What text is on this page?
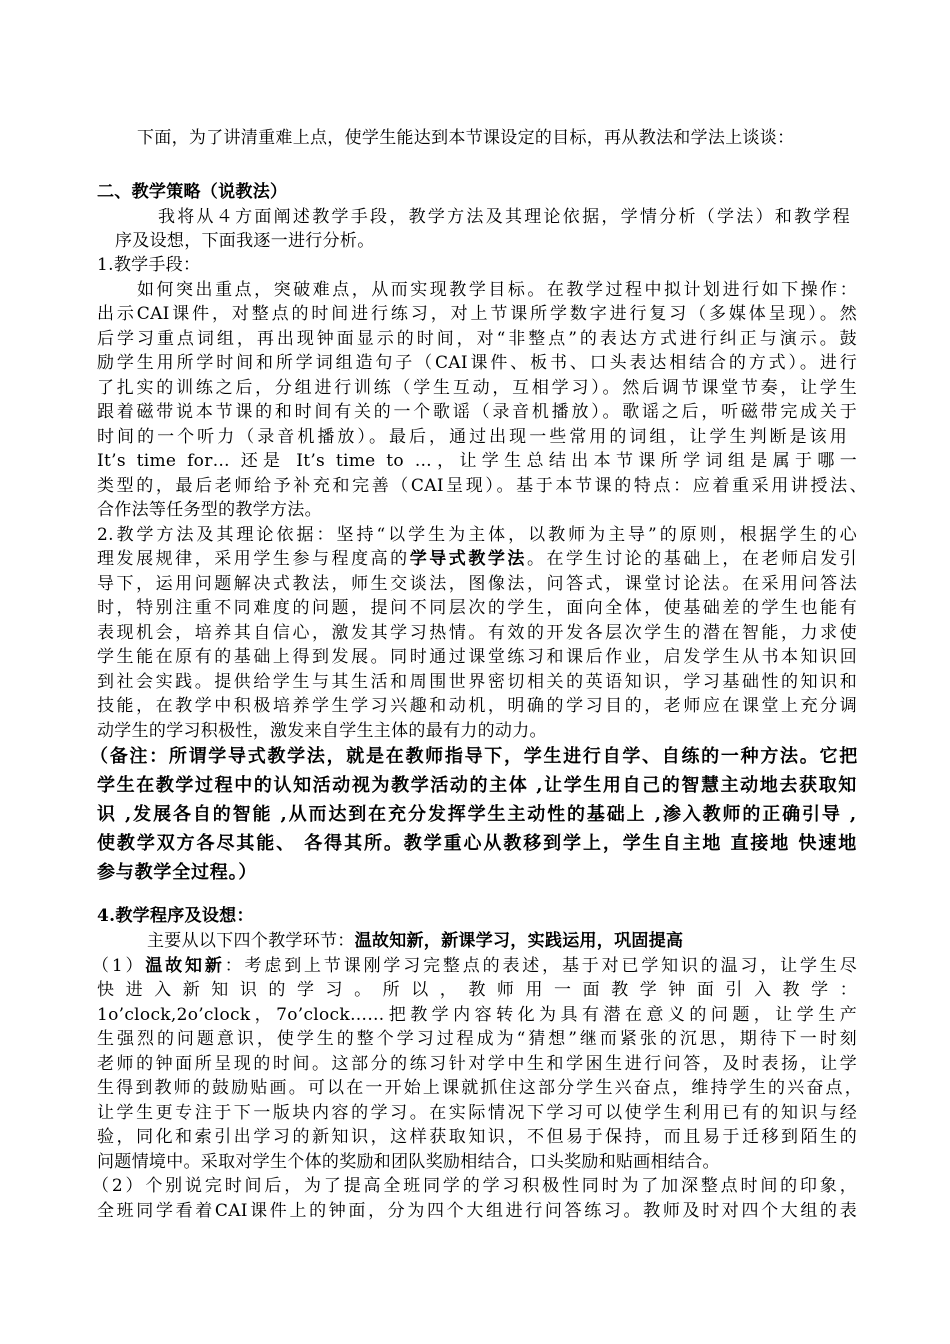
下面，为了讲清重难上点，使学生能达到本节课设定的目标，再从教法和学法上谈谈：
二、教学策略（说教法）
我将从４方面阐述教学手段，教学方法及其理论依据，学情分析（学法）和教学程
序及设想，下面我逐一进行分析。
1.教学手段：
如何突出重点，突破难点，从而实现教学目标。在教学过程中拟计划进行如下操作：
出示CAI课件，对整点的时间进行练习，对上节课所学数字进行复习（多媒体呈现）。然
后学习重点词组，再出现钟面显示的时间，对“非整点”的表达方式进行纠正与演示。鼓
励学生用所学时间和所学词组造句子（CAI课件、板书、口头表达相结合的方式）。进行
了扎实的训练之后，分组进行训练（学生互动，互相学习）。然后调节课堂节奏，让学生
跟着磁带说本节课的和时间有关的一个歌谣（录音机播放）。歌谣之后，听磁带完成关于
时间的一个听力（录音机播放）。最后，通过出现一些常用的词组，让学生判断是该用
It’s time for… 还是 It’s time to …，让学生总结出本节课所学词组是属于哪一
类型的，最后老师给予补充和完善（CAI呈现）。基于本节课的特点：应着重采用讲授法、
合作法等任务型的教学方法。
2.教学方法及其理论依据：坚持“以学生为主体，以教师为主导”的原则，根据学生的心
理发展规律，采用学生参与程度高的学导式教学法。在学生讨论的基础上，在老师启发引
导下，运用问题解决式教法，师生交谈法，图像法，问答式，课堂讨论法。在采用问答法
时，特别注重不同难度的问题，提问不同层次的学生，面向全体，使基础差的学生也能有
表现机会，培养其自信心，激发其学习热情。有效的开发各层次学生的潜在智能，力求使
学生能在原有的基础上得到发展。同时通过课堂练习和课后作业，启发学生从书本知识回
到社会实践。提供给学生与其生活和周围世界密切相关的英语知识，学习基础性的知识和
技能，在教学中积极培养学生学习兴趣和动机，明确的学习目的，老师应在课堂上充分调
动学生的学习积极性，激发来自学生主体的最有力的动力。
（备注：所谓学导式教学法，就是在教师指导下，学生进行自学、自练的一种方法。它把
学生在教学过程中的认知活动视为教学活动的主体 ,让学生用自己的智慧主动地去获取知
识 ,发展各自的智能 ,从而达到在充分发挥学生主动性的基础上 ,渗入教师的正确引导 ,
使教学双方各尽其能、 各得其所。教学重心从教移到学上，学生自主地 直接地 快速地
参与教学全过程。）
4.教学程序及设想：
主要从以下四个教学环节：温故知新，新课学习，实践运用，巩固提高
（1）温故知新：考虑到上节课刚学习完整点的表述，基于对已学知识的温习，让学生尽
快 进 入 新 知 识 的 学 习 。 所 以 ， 教 师 用 一 面 教 学 钟 面 引 入 教 学 ：
1o’clock,2o’clock，7o’clock……把教学内容转化为具有潜在意义的问题，让学生产
生强烈的问题意识，使学生的整个学习过程成为“猜想”继而紧张的沉思，期待下一时刻
老师的钟面所呈现的时间。这部分的练习针对学中生和学困生进行问答，及时表扬，让学
生得到教师的鼓励贴画。可以在一开始上课就抓住这部分学生兴奋点，维持学生的兴奋点，
让学生更专注于下一版块内容的学习。在实际情况下学习可以使学生利用已有的知识与经
验，同化和索引出学习的新知识，这样获取知识，不但易于保持，而且易于迁移到陌生的
问题情境中。采取对学生个体的奖励和团队奖励相结合，口头奖励和贴画相结合。
（2）个别说完时间后，为了提高全班同学的学习积极性同时为了加深整点时间的印象，
全班同学看着CAI课件上的钟面，分为四个大组进行问答练习。教师及时对四个大组的表
